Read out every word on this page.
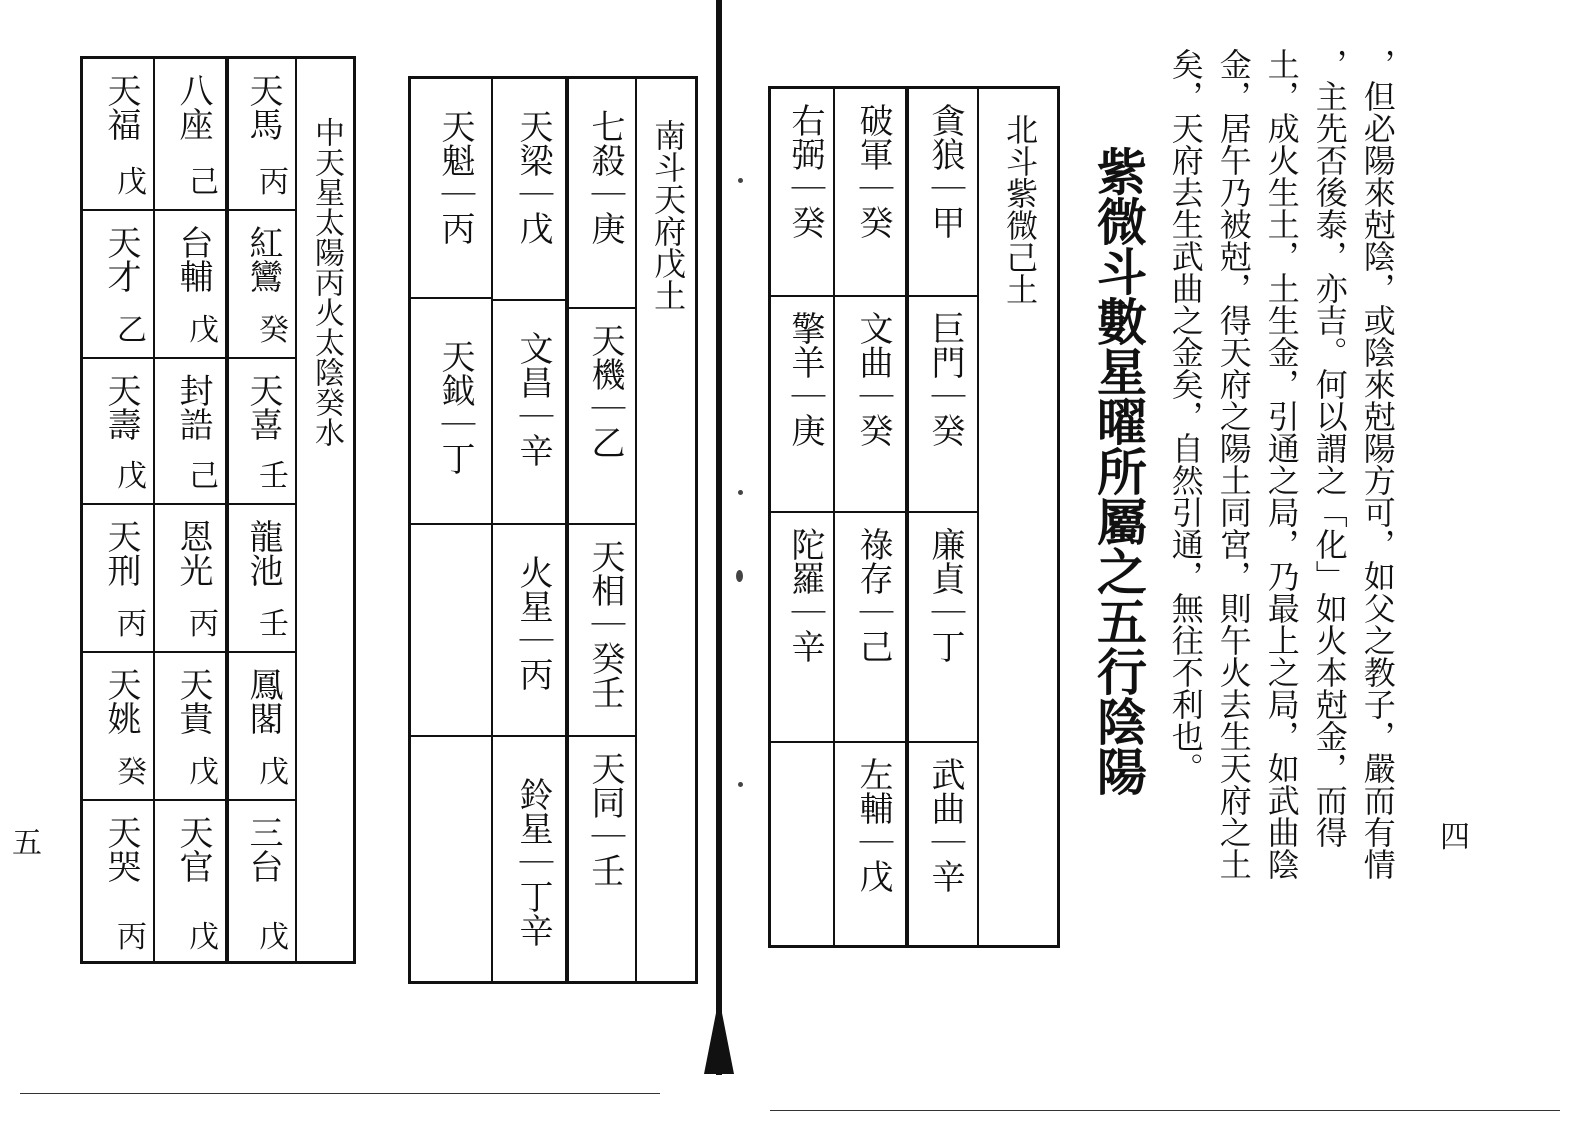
五	四
，但必陽來尅陰，或陰來尅陽方可，如父之教子，嚴而有情
，主先否後泰，亦吉。何以謂之「化」如火本尅金，而得
土，成火生土，土生金，引通之局，乃最上之局，如武曲陰
金，居午乃被尅，得天府之陽土同宮，則午火去生天府之土
矣，天府去生武曲之金矣，自然引通，無往不利也。
紫微斗數星曜所屬之五行陰陽
北斗紫微己土
貪狼｜甲
巨門｜癸
廉貞｜丁
武曲｜辛
破軍｜癸
文曲｜癸
祿存｜己
左輔｜戊
右弼｜癸
擎羊｜庚
陀羅｜辛
南斗天府戊土
七殺｜庚
天機｜乙
天相｜癸壬
天同｜壬
天梁｜戊
文昌｜辛
火星｜丙
鈴星｜丁辛
天魁｜丙
天鉞｜丁
中天星太陽丙火太陰癸水
天馬
丙
紅鸞
癸
天喜
壬
龍池
壬
鳳閣
戊
三台
戊
八座
己
台輔
戊
封誥
己
恩光
丙
天貴
戊
天官
戊
天福
戊
天才
乙
天壽
戊
天刑
丙
天姚
癸
天哭
丙
